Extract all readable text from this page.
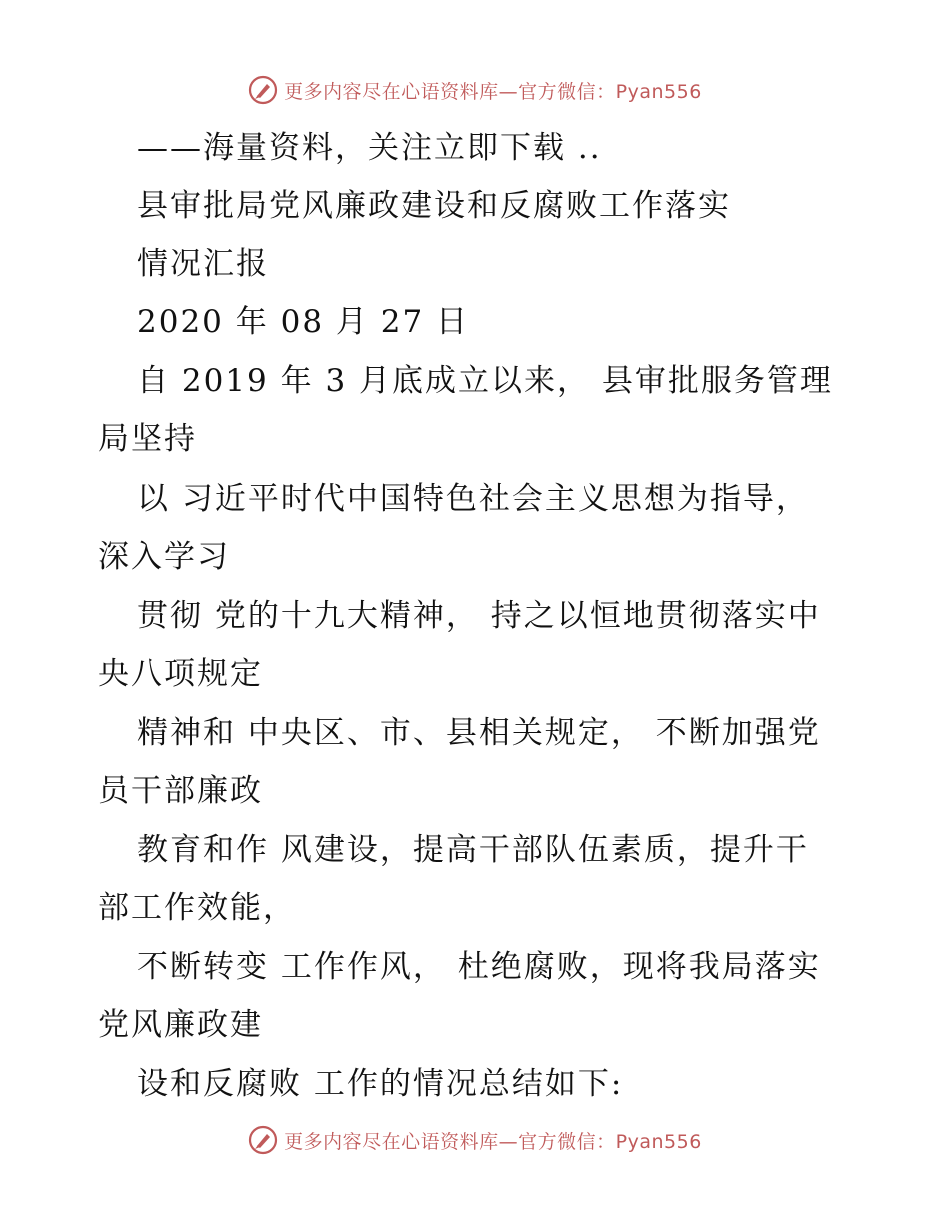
更多内容尽在心语资料库—官方微信：Pyan556
——海量资料，关注立即下载 ..
县审批局党风廉政建设和反腐败工作落实
情况汇报
2020 年 08 月 27 日
自 2019 年 3 月底成立以来， 县审批服务管理
局坚持
以 习近平时代中国特色社会主义思想为指导，
深入学习
贯彻 党的十九大精神， 持之以恒地贯彻落实中
央八项规定
精神和 中央区、市、县相关规定， 不断加强党
员干部廉政
教育和作 风建设，提高干部队伍素质，提升干
部工作效能，
不断转变 工作作风， 杜绝腐败，现将我局落实
党风廉政建
设和反腐败 工作的情况总结如下:
更多内容尽在心语资料库—官方微信：Pyan556
